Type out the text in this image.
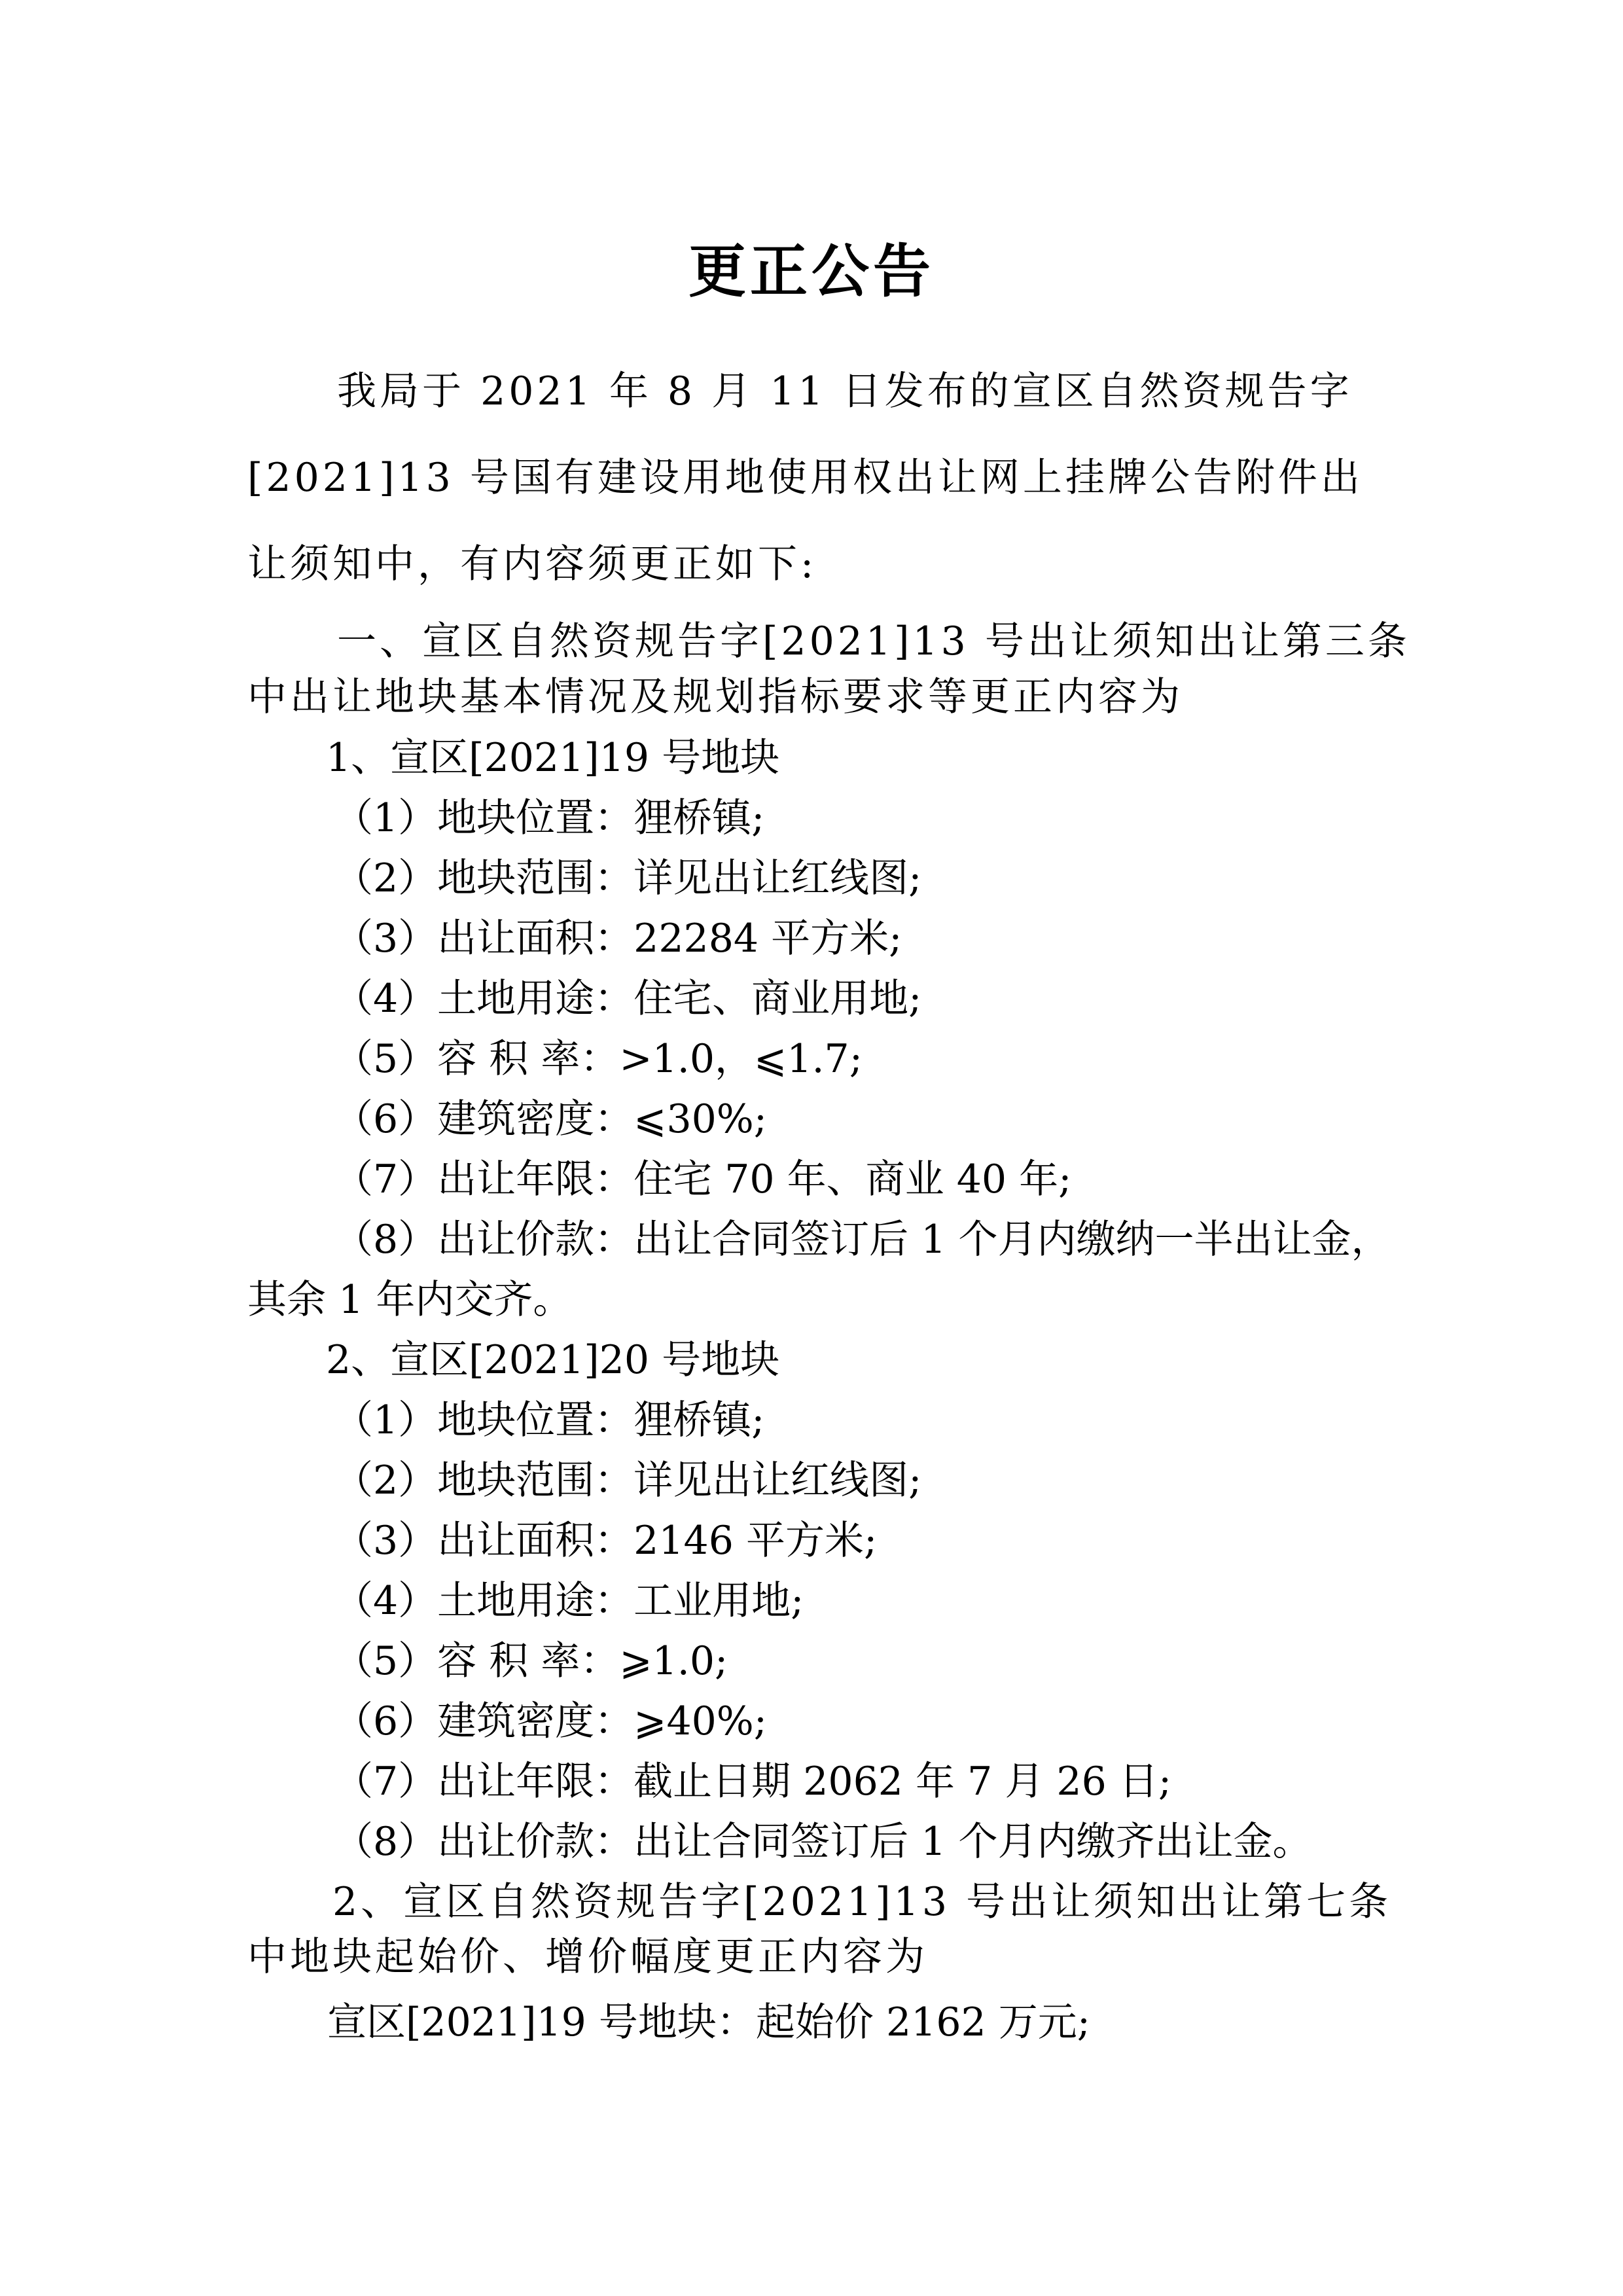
更正公告
我局于 2021 年 8 月 11 日发布的宣区自然资规告字
[2021]13 号国有建设用地使用权出让网上挂牌公告附件出
让须知中，有内容须更正如下:
一、宣区自然资规告字[2021]13 号出让须知出让第三条
中出让地块基本情况及规划指标要求等更正内容为
1、宣区[2021]19 号地块
（1）地块位置：狸桥镇;
（2）地块范围：详见出让红线图;
（3）出让面积：22284 平方米;
（4）土地用途：住宅、商业用地;
（5）容 积 率：>1.0，⩽1.7;
（6）建筑密度：⩽30%;
（7）出让年限：住宅 70 年、商业 40 年;
（8）出让价款：出让合同签订后 1 个月内缴纳一半出让金，
其余 1 年内交齐。
2、宣区[2021]20 号地块
（1）地块位置：狸桥镇;
（2）地块范围：详见出让红线图;
（3）出让面积：2146 平方米;
（4）土地用途：工业用地;
（5）容 积 率：⩾1.0;
（6）建筑密度：⩾40%;
（7）出让年限：截止日期 2062 年 7 月 26 日;
（8）出让价款：出让合同签订后 1 个月内缴齐出让金。
2、宣区自然资规告字[2021]13 号出让须知出让第七条
中地块起始价、增价幅度更正内容为
宣区[2021]19 号地块：起始价 2162 万元;
